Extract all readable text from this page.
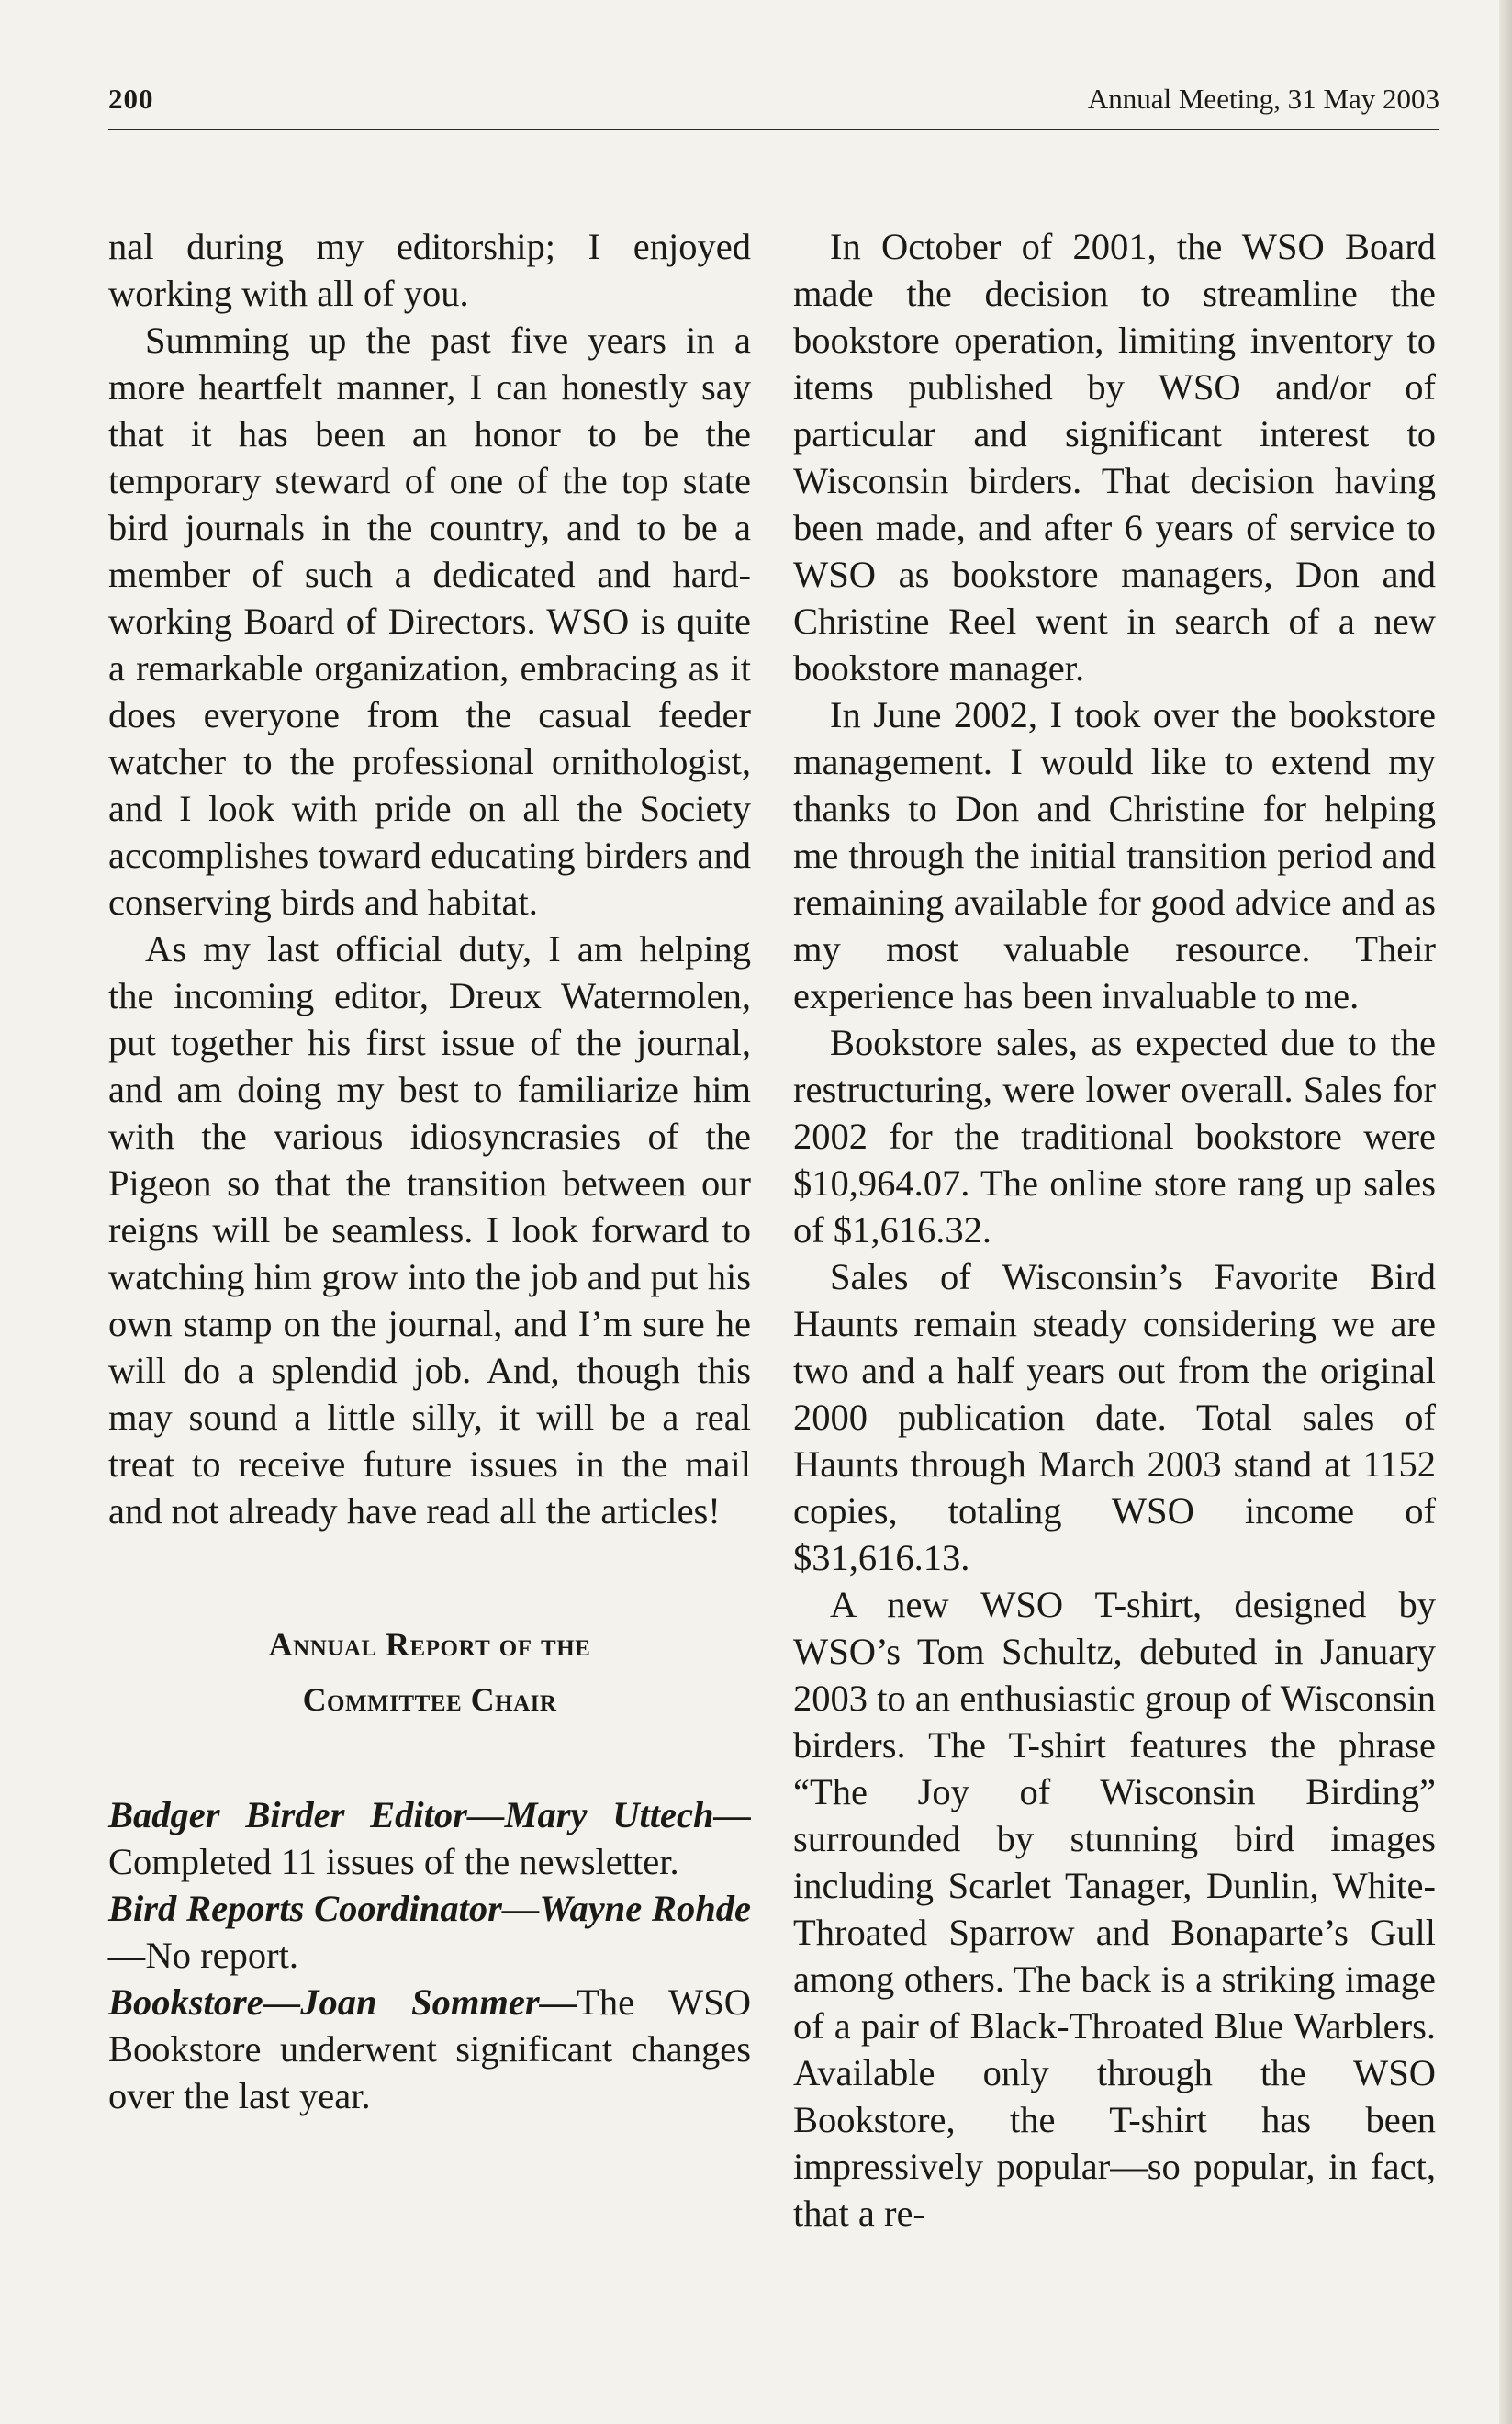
200	Annual Meeting, 31 May 2003

nal during my editorship; I enjoyed working with all of you.

Summing up the past five years in a more heartfelt manner, I can honestly say that it has been an honor to be the temporary steward of one of the top state bird journals in the country, and to be a member of such a dedicated and hard-working Board of Directors. WSO is quite a remarkable organization, embracing as it does everyone from the casual feeder watcher to the professional ornithologist, and I look with pride on all the Society accomplishes toward educating birders and conserving birds and habitat.

As my last official duty, I am helping the incoming editor, Dreux Watermolen, put together his first issue of the journal, and am doing my best to familiarize him with the various idiosyncrasies of the Pigeon so that the transition between our reigns will be seamless. I look forward to watching him grow into the job and put his own stamp on the journal, and I’m sure he will do a splendid job. And, though this may sound a little silly, it will be a real treat to receive future issues in the mail and not already have read all the articles!

Annual Report of the
Committee Chair

Badger Birder Editor—Mary Uttech—Completed 11 issues of the newsletter.

Bird Reports Coordinator—Wayne Rohde—No report.

Bookstore—Joan Sommer—The WSO Bookstore underwent significant changes over the last year.

In October of 2001, the WSO Board made the decision to streamline the bookstore operation, limiting inventory to items published by WSO and/or of particular and significant interest to Wisconsin birders. That decision having been made, and after 6 years of service to WSO as bookstore managers, Don and Christine Reel went in search of a new bookstore manager.

In June 2002, I took over the bookstore management. I would like to extend my thanks to Don and Christine for helping me through the initial transition period and remaining available for good advice and as my most valuable resource. Their experience has been invaluable to me.

Bookstore sales, as expected due to the restructuring, were lower overall. Sales for 2002 for the traditional bookstore were $10,964.07. The online store rang up sales of $1,616.32.

Sales of Wisconsin’s Favorite Bird Haunts remain steady considering we are two and a half years out from the original 2000 publication date. Total sales of Haunts through March 2003 stand at 1152 copies, totaling WSO income of $31,616.13.

A new WSO T-shirt, designed by WSO’s Tom Schultz, debuted in January 2003 to an enthusiastic group of Wisconsin birders. The T-shirt features the phrase “The Joy of Wisconsin Birding” surrounded by stunning bird images including Scarlet Tanager, Dunlin, White-Throated Sparrow and Bonaparte’s Gull among others. The back is a striking image of a pair of Black-Throated Blue Warblers. Available only through the WSO Bookstore, the T-shirt has been impressively popular—so popular, in fact, that a re-
